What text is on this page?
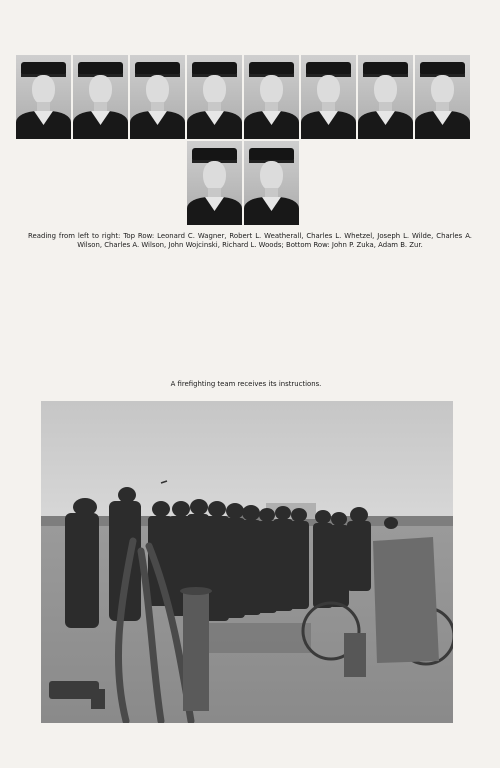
Reading from left to right: Top Row: Leonard C. Wagner, Robert L. Weatherall, Charles L. Whetzel, Joseph L. Wilde, Charles A. Wilson, Charles A. Wilson, John Wojcinski, Richard L. Woods; Bottom Row: John P. Zuka, Adam B. Zur.
A firefighting team receives its instructions.
